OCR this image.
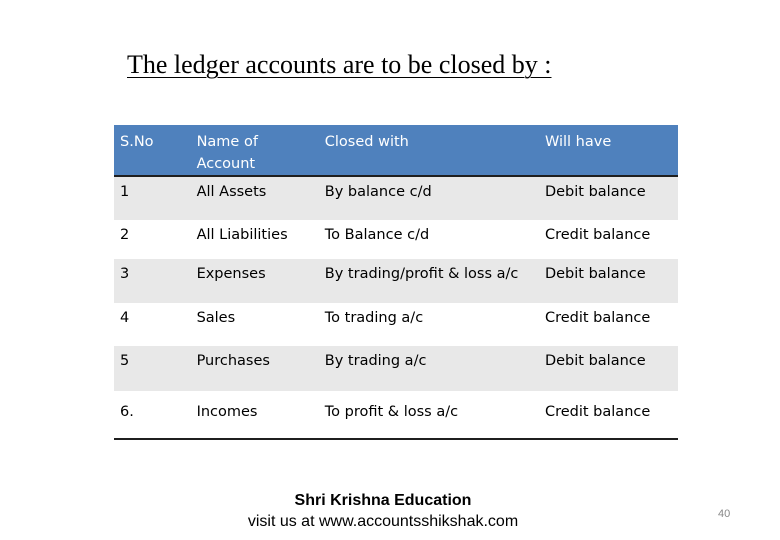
The ledger accounts are to be closed by :
S.No	Name of Account	Closed with	Will have
1	All Assets	By balance c/d	Debit balance
2	All Liabilities	To Balance c/d	Credit balance
3	Expenses	By trading/profit & loss a/c	Debit balance
4	Sales	To trading a/c	Credit balance
5	Purchases	By trading a/c	Debit balance
6.	Incomes	To profit & loss a/c	Credit balance
Shri Krishna Education
visit us at www.accountsshikshak.com	40
